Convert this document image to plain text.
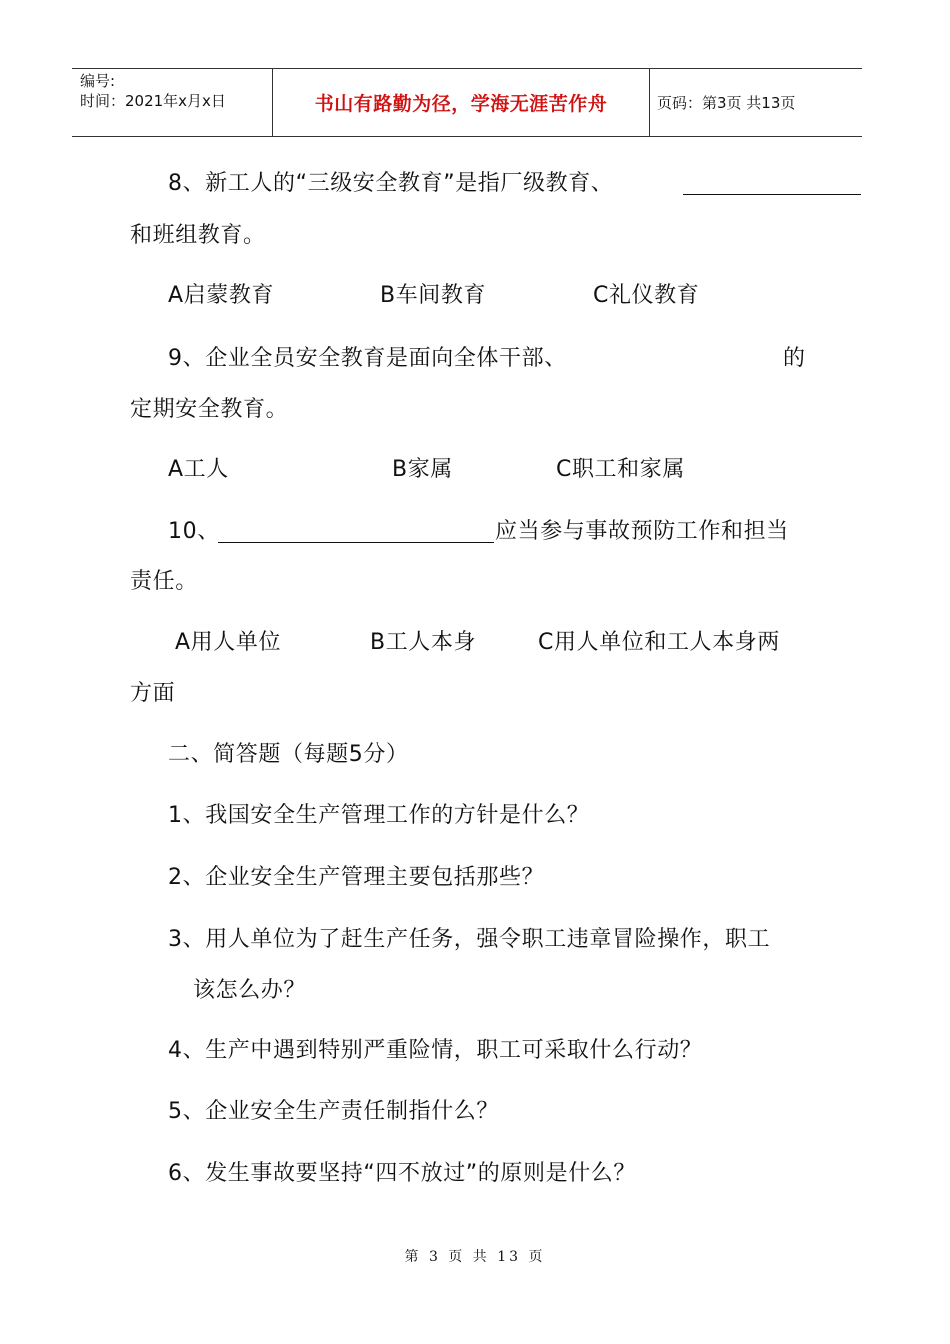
编号:
时间：2021年x月x日	书山有路勤为径，学海无涯苦作舟	页码：第3页 共13页
8、新工人的“三级安全教育”是指厂级教育、
和班组教育。
A启蒙教育	B车间教育	C礼仪教育
9、企业全员安全教育是面向全体干部、	的
定期安全教育。
A工人	B家属	C职工和家属
10、	应当参与事故预防工作和担当
责任。
A用人单位	B工人本身	C用人单位和工人本身两
方面
二、简答题（每题5分）
1、我国安全生产管理工作的方针是什么？
2、企业安全生产管理主要包括那些？
3、用人单位为了赶生产任务，强令职工违章冒险操作，职工
该怎么办？
4、生产中遇到特别严重险情，职工可采取什么行动？
5、企业安全生产责任制指什么？
6、发生事故要坚持“四不放过”的原则是什么？
第 3 页 共 13 页
